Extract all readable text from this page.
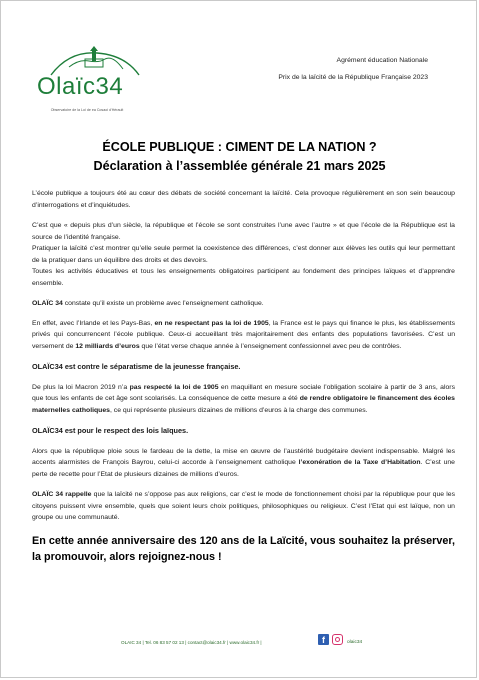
Olaïc34
Observatoire de la Loi de ea Cosaoi d'Hérault
Agrément éducation Nationale
Prix de la laïcité de la République Française 2023
ÉCOLE PUBLIQUE : CIMENT DE LA NATION ?
Déclaration à l’assemblée générale 21 mars 2025

L’école publique a toujours été au cœur des débats de société concernant la laïcité. Cela provoque régulièrement en son sein beaucoup d’interrogations et d’inquiétudes.

C’est que « depuis plus d’un siècle, la république et l’école se sont construites l’une avec l’autre » et que l’école de la République est la source de l’identité française.

Pratiquer la laïcité c’est montrer qu’elle seule permet la coexistence des différences, c’est donner aux élèves les outils qui leur permettant de la pratiquer dans un équilibre des droits et des devoirs.

Toutes les activités éducatives et tous les enseignements obligatoires participent au fondement des principes laïques et d’apprendre ensemble.

OLAÏC 34 constate qu’il existe un problème avec l’enseignement catholique.

En effet, avec l’Irlande et les Pays-Bas, en ne respectant pas la loi de 1905, la France est le pays qui finance le plus, les établissements privés qui concurrencent l’école publique. Ceux-ci accueillant très majoritairement des enfants des populations favorisées. C’est un versement de 12 milliards d’euros que l’état verse chaque année à l’enseignement confessionnel avec peu de contrôles.

OLAÏC34 est contre le séparatisme de la jeunesse française.

De plus la loi Macron 2019 n’a pas respecté la loi de 1905 en maquillant en mesure sociale l’obligation scolaire à partir de 3 ans, alors que tous les enfants de cet âge sont scolarisés. La conséquence de cette mesure a été de rendre obligatoire le financement des écoles maternelles catholiques, ce qui représente plusieurs dizaines de millions d’euros à la charge des communes.

OLAÏC34 est pour le respect des lois laïques.

Alors que la république ploie sous le fardeau de la dette, la mise en œuvre de l’austérité budgétaire devient indispensable. Malgré les accents alarmistes de François Bayrou, celui-ci accorde à l’enseignement catholique l’exonération de la Taxe d’Habitation. C’est une perte de recette pour l’Etat de plusieurs dizaines de millions d’euros.

OLAÏC 34 rappelle que la laïcité ne s’oppose pas aux religions, car c’est le mode de fonctionnement choisi par la république pour que les citoyens puissent vivre ensemble, quels que soient leurs choix politiques, philosophiques ou religieux. C’est l’Etat qui est laïque, non un groupe ou une communauté.

En cette année anniversaire des 120 ans de la Laïcité, vous souhaitez la préserver, la promouvoir, alors rejoignez-nous !

OLAIC 34 | Tel. 06 83 57 02 13 | contact@olaic34.fr | www.olaic34.fr |	f	olaic34
